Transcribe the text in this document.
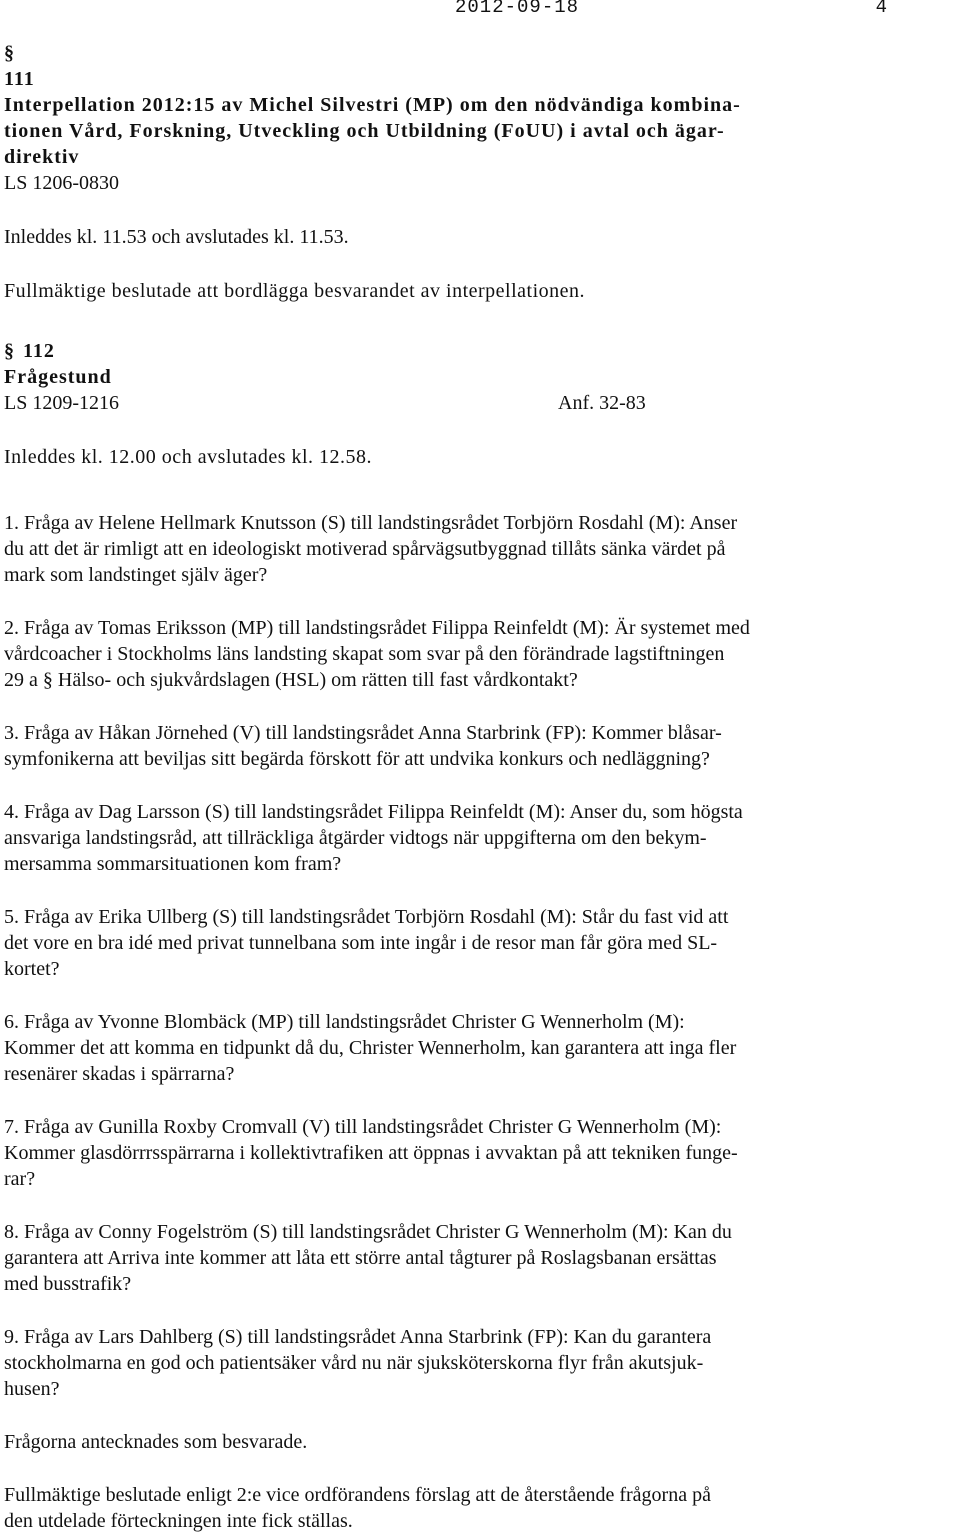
2012-09-18	4

§

111

Interpellation 2012:15 av Michel Silvestri (MP) om den nödvändiga kombina-

tionen Vård, Forskning, Utveckling och Utbildning (FoUU) i avtal och ägar-

direktiv

LS 1206-0830

Inleddes kl. 11.53 och avslutades kl. 11.53.

Fullmäktige beslutade att bordlägga besvarandet av interpellationen.

§ 112

Frågestund

LS 1209-1216	Anf. 32-83

Inleddes kl. 12.00 och avslutades kl. 12.58.

1. Fråga av Helene Hellmark Knutsson (S) till landstingsrådet Torbjörn Rosdahl (M): Anser

du att det är rimligt att en ideologiskt motiverad spårvägsutbyggnad tillåts sänka värdet på

mark som landstinget själv äger?

2. Fråga av Tomas Eriksson (MP) till landstingsrådet Filippa Reinfeldt (M): Är systemet med

vårdcoacher i Stockholms läns landsting skapat som svar på den förändrade lagstiftningen

29 a § Hälso- och sjukvårdslagen (HSL) om rätten till fast vårdkontakt?

3. Fråga av Håkan Jörnehed (V) till landstingsrådet Anna Starbrink (FP): Kommer blåsar-

symfonikerna att beviljas sitt begärda förskott för att undvika konkurs och nedläggning?

4. Fråga av Dag Larsson (S) till landstingsrådet Filippa Reinfeldt (M): Anser du, som högsta

ansvariga landstingsråd, att tillräckliga åtgärder vidtogs när uppgifterna om den bekym-

mersamma sommarsituationen kom fram?

5. Fråga av Erika Ullberg (S) till landstingsrådet Torbjörn Rosdahl (M): Står du fast vid att

det vore en bra idé med privat tunnelbana som inte ingår i de resor man får göra med SL-

kortet?

6. Fråga av Yvonne Blombäck (MP) till landstingsrådet Christer G Wennerholm (M):

Kommer det att komma en tidpunkt då du, Christer Wennerholm, kan garantera att inga fler

resenärer skadas i spärrarna?

7. Fråga av Gunilla Roxby Cromvall (V) till landstingsrådet Christer G Wennerholm (M):

Kommer glasdörrrsspärrarna i kollektivtrafiken att öppnas i avvaktan på att tekniken funge-

rar?

8. Fråga av Conny Fogelström (S) till landstingsrådet Christer G Wennerholm (M): Kan du

garantera att Arriva inte kommer att låta ett större antal tågturer på Roslagsbanan ersättas

med busstrafik?

9. Fråga av Lars Dahlberg (S) till landstingsrådet Anna Starbrink (FP): Kan du garantera

stockholmarna en god och patientsäker vård nu när sjuksköterskorna flyr från akutsjuk-

husen?

Frågorna antecknades som besvarade.

Fullmäktige beslutade enligt 2:e vice ordförandens förslag att de återstående frågorna på

den utdelade förteckningen inte fick ställas.
